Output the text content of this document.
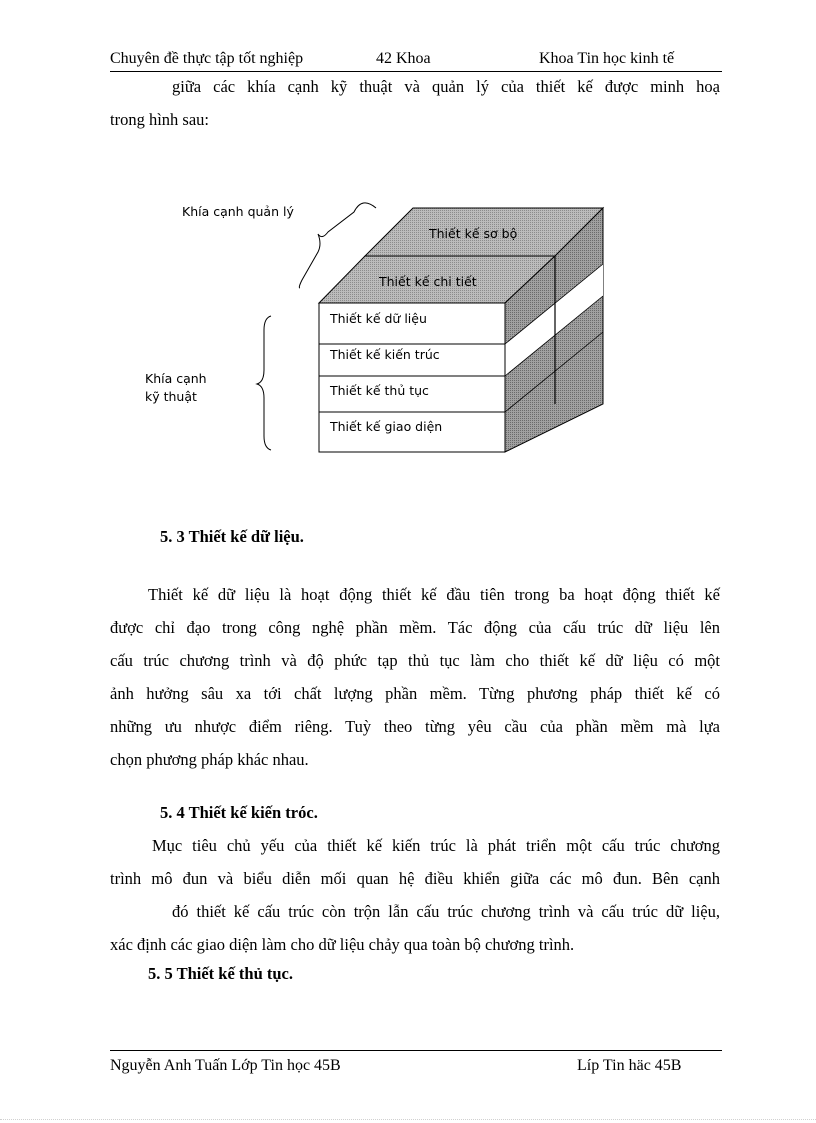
Chuyên đề thực tập tốt nghiệp	42 Khoa	Khoa Tin học kinh tế
giữa các khía cạnh kỹ thuật và quản lý của thiết kế được minh hoạ
trong hình sau:
Thiết kế sơ bộ
Thiết kế chi tiết
Thiết kế dữ liệu
Thiết kế kiến trúc
Thiết kế thủ tục
Thiết kế giao diện
Khía cạnh quản lý
Khía cạnh
kỹ thuật
5. 3 Thiết kế dữ liệu.
Thiết kế dữ liệu là hoạt động thiết kế đầu tiên trong ba hoạt động thiết kế
được chỉ đạo trong công nghệ phần mềm. Tác động của cấu trúc dữ liệu lên
cấu trúc chương trình và độ phức tạp thủ tục làm cho thiết kế dữ liệu có một
ảnh hưởng sâu xa tới chất lượng phần mềm. Từng phương pháp thiết kế có
những ưu nhược điểm riêng. Tuỳ theo từng yêu cầu của phần mềm mà lựa
chọn phương pháp khác nhau.
5. 4 Thiết kế kiến tróc.
Mục tiêu chủ yếu của thiết kế kiến trúc là phát triển một cấu trúc chương
trình mô đun và biểu diễn mối quan hệ điều khiển giữa các mô đun. Bên cạnh
đó thiết kế cấu trúc còn trộn lẫn cấu trúc chương trình và cấu trúc dữ liệu,
xác định các giao diện làm cho dữ liệu chảy qua toàn bộ chương trình.
5. 5 Thiết kế thủ tục.
Nguyễn Anh Tuấn Lớp Tin học 45B	Líp Tin häc 45B
